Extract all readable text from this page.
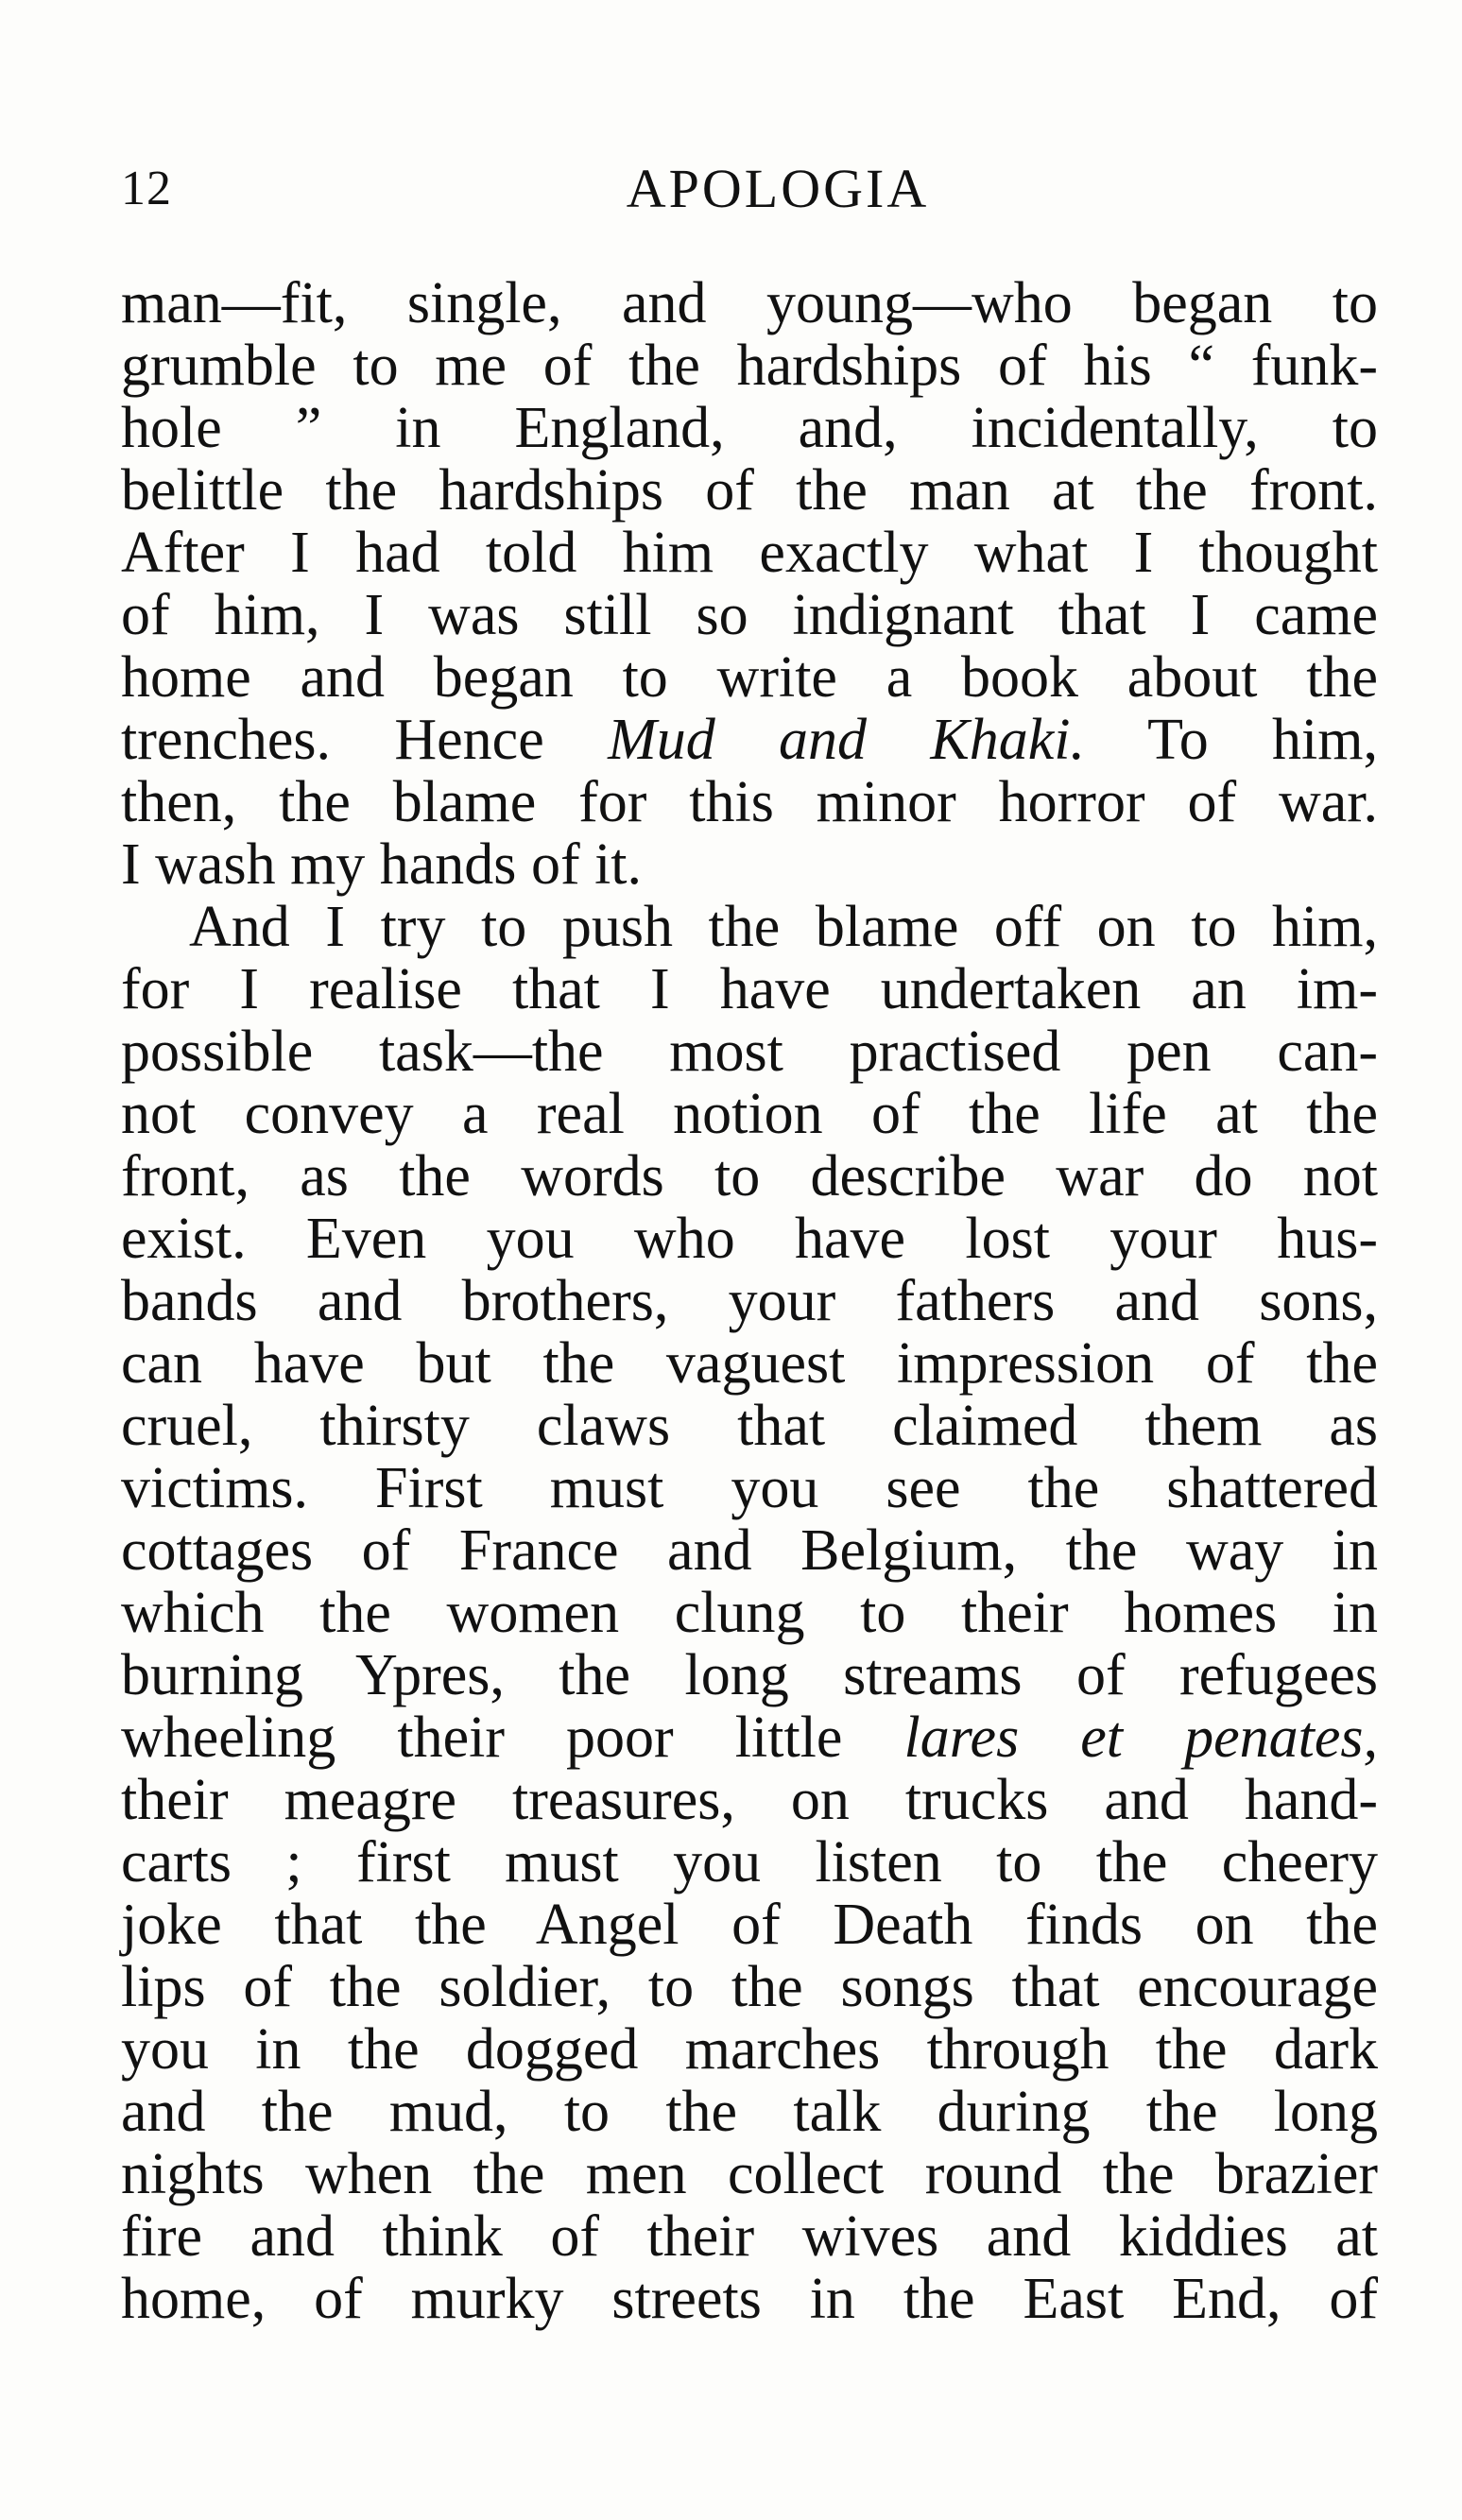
12	APOLOGIA
man—fit, single, and young—who began to
grumble to me of the hardships of his “ funk-
hole ” in England, and, incidentally, to
belittle the hardships of the man at the front.
After I had told him exactly what I thought
of him, I was still so indignant that I came
home and began to write a book about the
trenches. Hence Mud and Khaki. To him,
then, the blame for this minor horror of war.
I wash my hands of it.
And I try to push the blame off on to him,
for I realise that I have undertaken an im-
possible task—the most practised pen can-
not convey a real notion of the life at the
front, as the words to describe war do not
exist. Even you who have lost your hus-
bands and brothers, your fathers and sons,
can have but the vaguest impression of the
cruel, thirsty claws that claimed them as
victims. First must you see the shattered
cottages of France and Belgium, the way in
which the women clung to their homes in
burning Ypres, the long streams of refugees
wheeling their poor little lares et penates,
their meagre treasures, on trucks and hand-
carts ; first must you listen to the cheery
joke that the Angel of Death finds on the
lips of the soldier, to the songs that encourage
you in the dogged marches through the dark
and the mud, to the talk during the long
nights when the men collect round the brazier
fire and think of their wives and kiddies at
home, of murky streets in the East End, of
